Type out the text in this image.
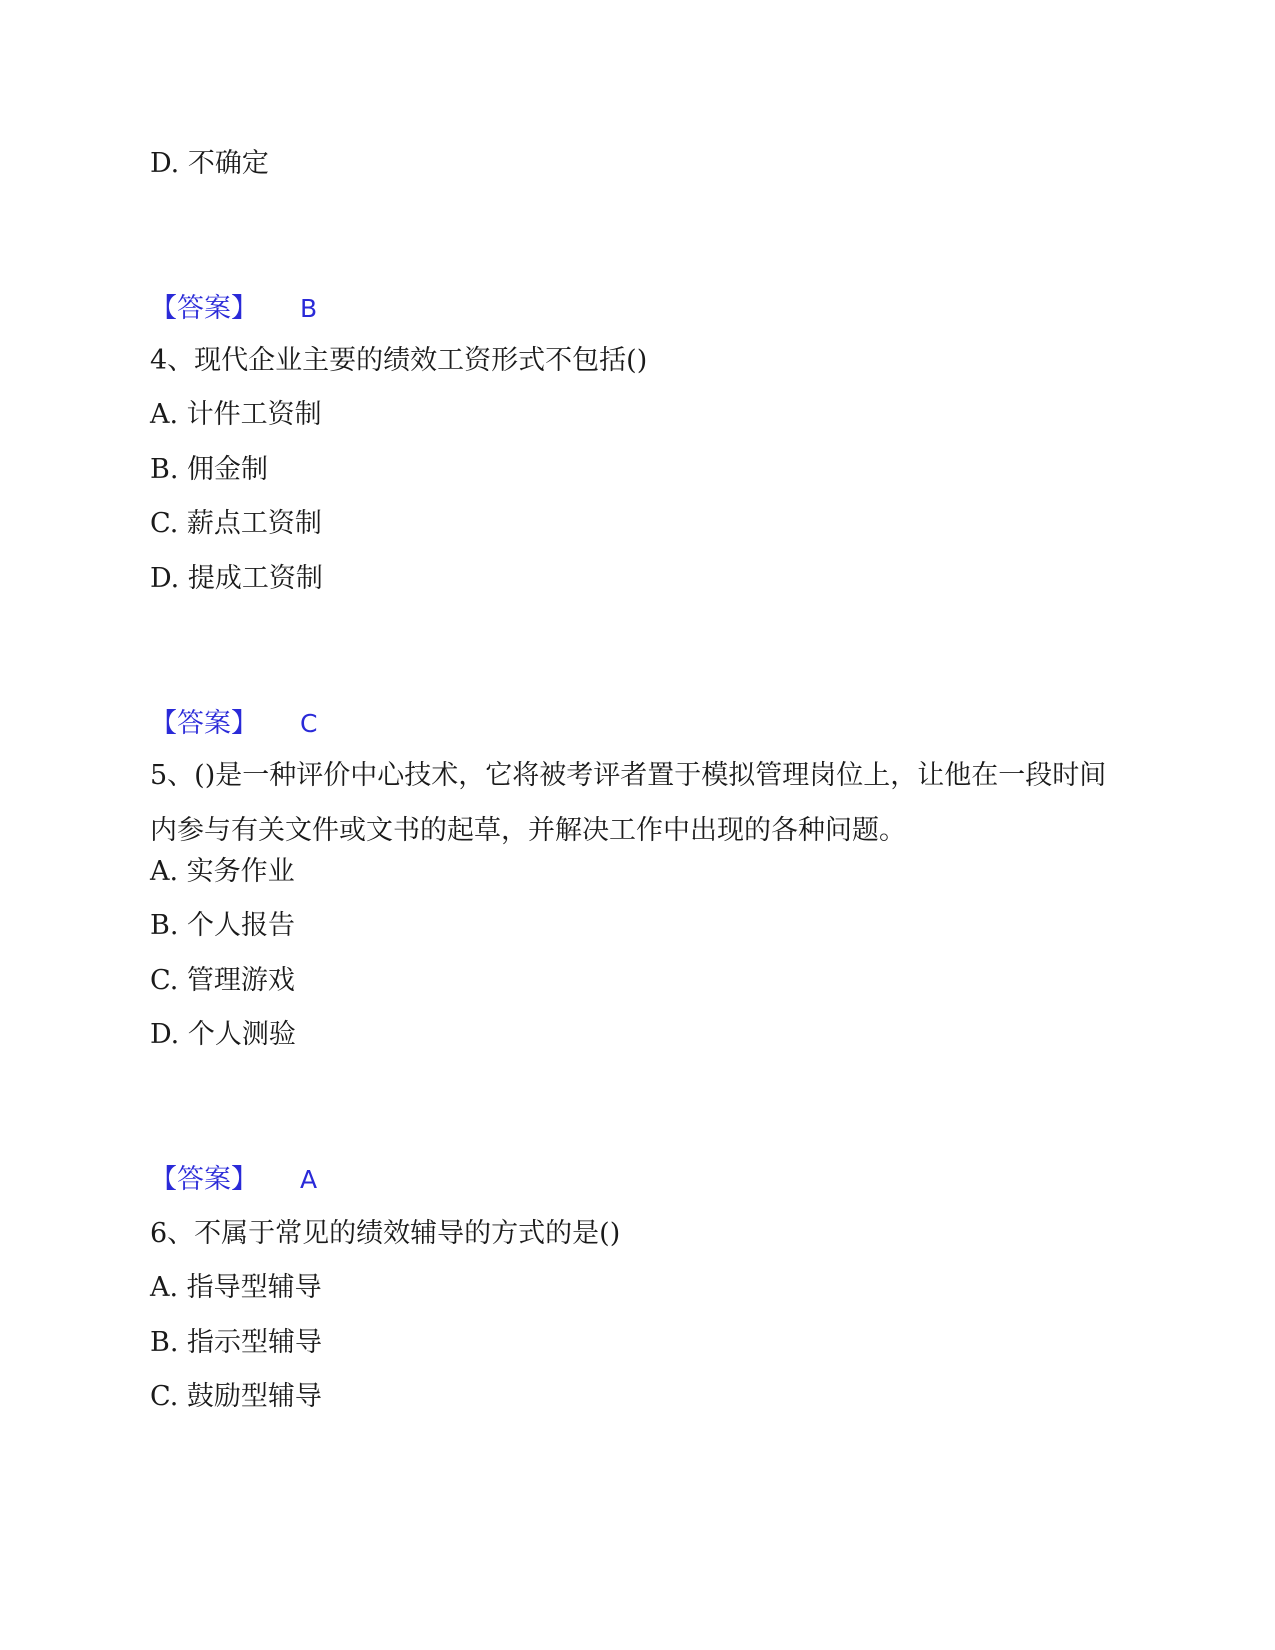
D. 不确定
【答案】 B
4、现代企业主要的绩效工资形式不包括()
A. 计件工资制
B. 佣金制
C. 薪点工资制
D. 提成工资制
【答案】 C
5、()是一种评价中心技术，它将被考评者置于模拟管理岗位上，让他在一段时间内参与有关文件或文书的起草，并解决工作中出现的各种问题。
A. 实务作业
B. 个人报告
C. 管理游戏
D. 个人测验
【答案】 A
6、不属于常见的绩效辅导的方式的是()
A. 指导型辅导
B. 指示型辅导
C. 鼓励型辅导
